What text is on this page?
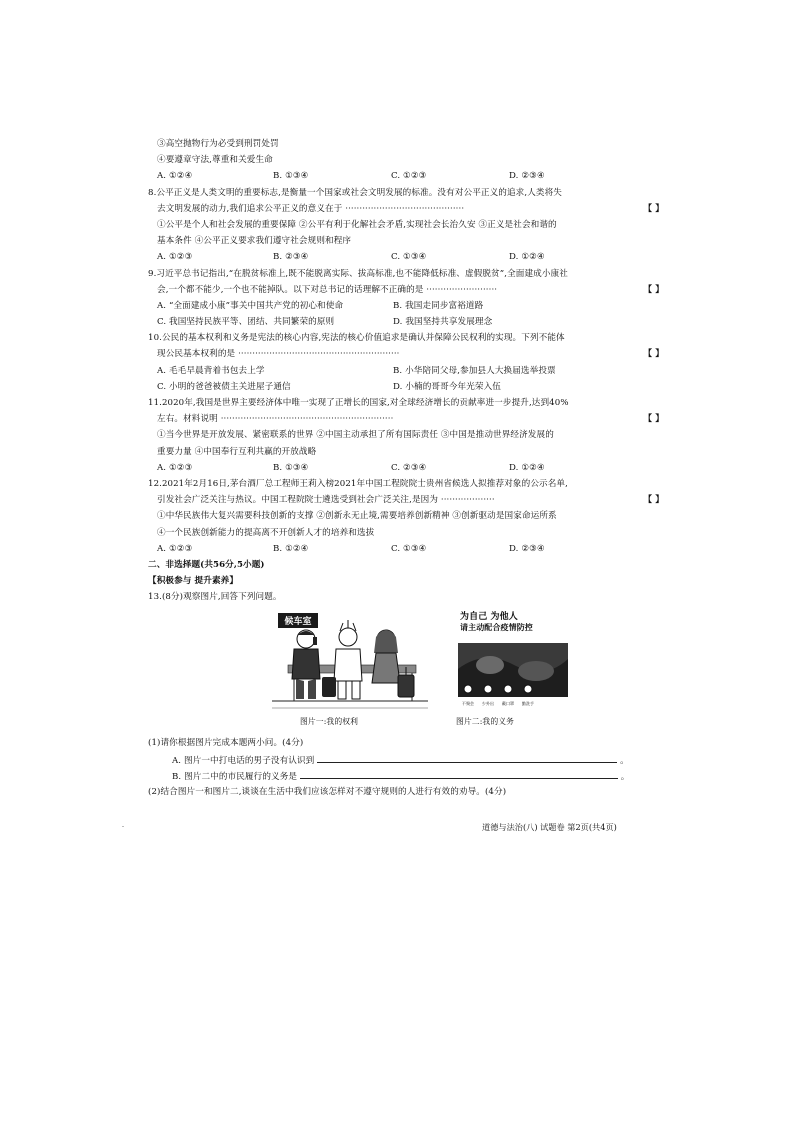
③高空抛物行为必受到刑罚处罚
④要遵章守法,尊重和关爱生命
A. ①②④	B. ①③④	C. ①②③	D. ②③④
8.公平正义是人类文明的重要标志,是衡量一个国家或社会文明发展的标准。没有对公平正义的追求,人类将失
去文明发展的动力,我们追求公平正义的意义在于 ··········································	【 】
①公平是个人和社会发展的重要保障 ②公平有利于化解社会矛盾,实现社会长治久安 ③正义是社会和谐的
基本条件 ④公平正义要求我们遵守社会规则和程序
A. ①②③	B. ②③④	C. ①③④	D. ①②④
9.习近平总书记指出,“在脱贫标准上,既不能脱离实际、拔高标准,也不能降低标准、虚假脱贫”,全面建成小康社
会,一个都不能少,一个也不能掉队。以下对总书记的话理解不正确的是 ·························	【 】
A. “全面建成小康”事关中国共产党的初心和使命	B. 我国走同步富裕道路
C. 我国坚持民族平等、团结、共同繁荣的原则	D. 我国坚持共享发展理念
10.公民的基本权利和义务是宪法的核心内容,宪法的核心价值追求是确认并保障公民权利的实现。下列不能体
现公民基本权利的是 ·························································	【 】
A. 毛毛早晨背着书包去上学	B. 小华陪同父母,参加县人大换届选举投票
C. 小明的爸爸被债主关进屋子通信	D. 小楠的哥哥今年光荣入伍
11.2020年,我国是世界主要经济体中唯一实现了正增长的国家,对全球经济增长的贡献率进一步提升,达到40%
左右。材料说明 ·····························································	【 】
①当今世界是开放发展、紧密联系的世界 ②中国主动承担了所有国际责任 ③中国是推动世界经济发展的
重要力量 ④中国奉行互利共赢的开放战略
A. ①②③	B. ①③④	C. ②③④	D. ①②④
12.2021年2月16日,茅台酒厂总工程师王莉入榜2021年中国工程院院士贵州省候选人拟推荐对象的公示名单,
引发社会广泛关注与热议。中国工程院院士遴选受到社会广泛关注,是因为 ···················	【 】
①中华民族伟大复兴需要科技创新的支撑 ②创新永无止境,需要培养创新精神 ③创新驱动是国家命运所系
④一个民族创新能力的提高离不开创新人才的培养和选拔
A. ①②③	B. ①②④	C. ①③④	D. ②③④
二、非选择题(共56分,5小题)
【积极参与 提升素养】
13.(8分)观察图片,回答下列问题。
候车室	为自己 为他人
请主动配合疫情防控
不聚会 少外出 戴口罩 勤洗手
图片一:我的权利	图片二:我的义务
(1)请你根据图片完成本题两小问。(4分)
A. 图片一中打电话的男子没有认识到	。
B. 图片二中的市民履行的义务是	。
(2)结合图片一和图片二,谈谈在生活中我们应该怎样对不遵守规则的人进行有效的劝导。(4分)
道德与法治(八) 试题卷 第2页(共4页)
